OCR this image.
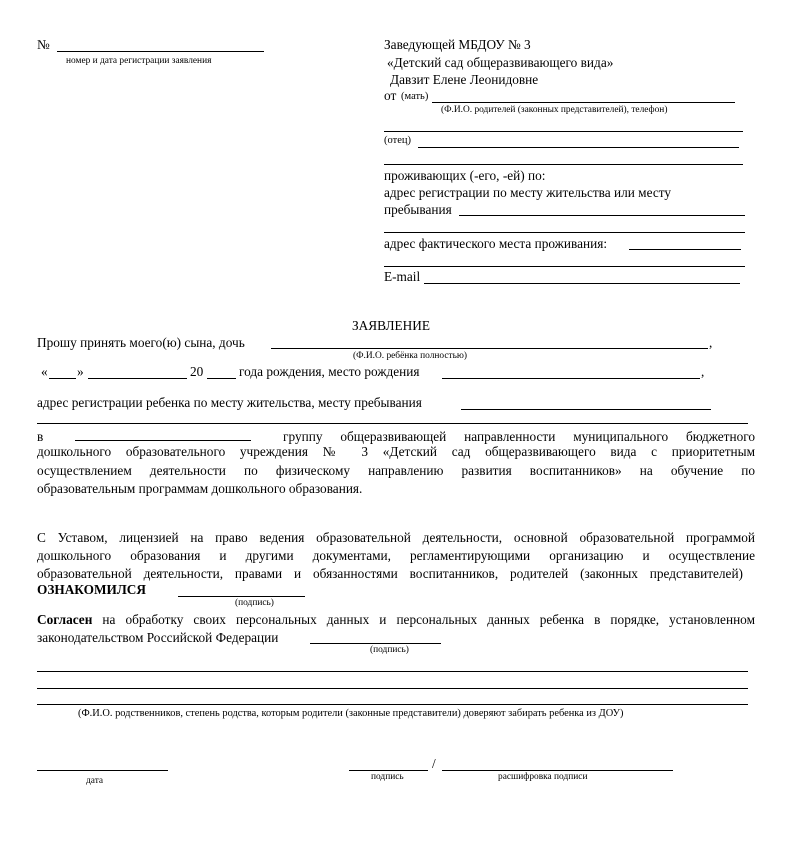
№
номер и дата регистрации заявления
Заведующей МБДОУ № 3
«Детский сад общеразвивающего вида»
Давзит Елене Леонидовне
от (мать)
(Ф.И.О. родителей (законных представителей), телефон)
(отец)
проживающих (-его, -ей) по:
адрес регистрации по месту жительства или месту
пребывания
адрес фактического места проживания:
E-mail
ЗАЯВЛЕНИЕ
Прошу принять моего(ю) сына, дочь	,
(Ф.И.О. ребёнка полностью)
« »	20	года рождения, место рождения	,
адрес регистрации ребенка по месту жительства, месту пребывания
в	группу общеразвивающей направленности муниципального бюджетного
дошкольного образовательного учреждения № 3 «Детский сад общеразвивающего вида с приоритетным
осуществлением деятельности по физическому направлению развития воспитанников» на обучение по
образовательным программам дошкольного образования.
С Уставом, лицензией на право ведения образовательной деятельности, основной образовательной программой
дошкольного образования и другими документами, регламентирующими организацию и осуществление
образовательной деятельности, правами и обязанностями воспитанников, родителей (законных представителей)
ОЗНАКОМИЛСЯ
(подпись)
Согласен на обработку своих персональных данных и персональных данных ребенка в порядке, установленном
законодательством Российской Федерации
(подпись)
(Ф.И.О. родственников, степень родства, которым родители (законные представители) доверяют забирать ребенка из ДОУ)
дата	подпись
/
расшифровка подписи
